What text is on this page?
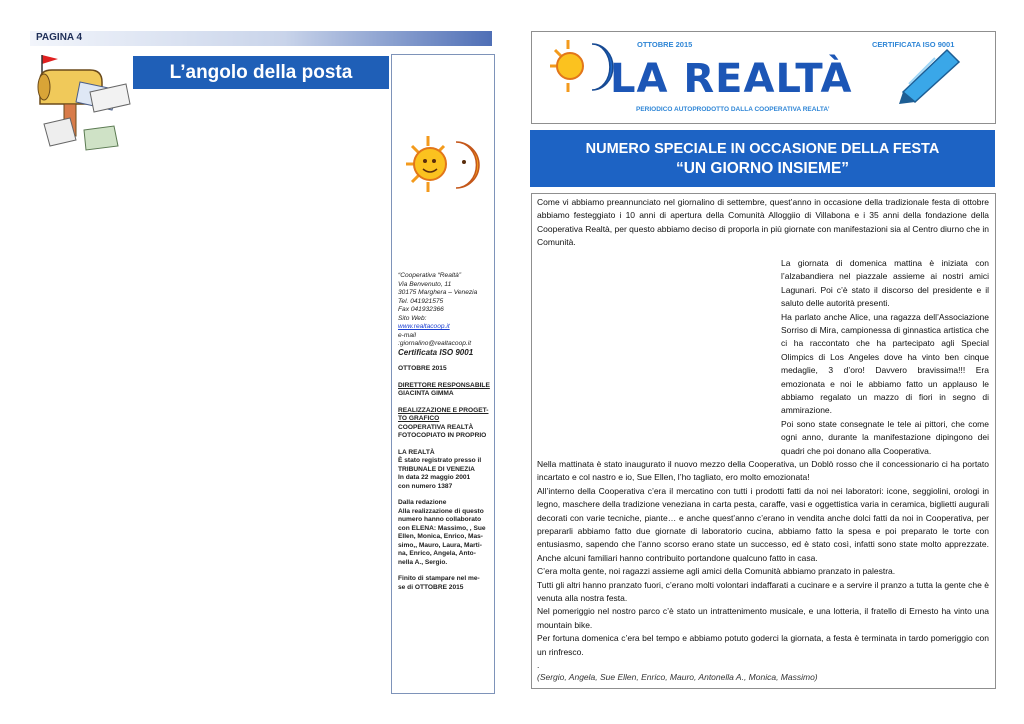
PAGINA 4
L’angolo della posta
“Cooperativa “Realtà”
Via Benvenuto, 11
30175 Marghera – Venezia
Tel. 041921575
Fax 041932366
Sito Web:
www.realtacoop.it
e-mail
:giornalino@realtacoop.it
Certificata ISO 9001
OTTOBRE 2015
DIRETTORE RESPONSABILE
GIACINTA GIMMA
REALIZZAZIONE E PROGET-
TO GRAFICO
COOPERATIVA REALTÀ
FOTOCOPIATO IN PROPRIO
LA REALTÀ
È stato registrato presso il
TRIBUNALE DI VENEZIA
In data 22 maggio 2001
con numero 1387
Dalla redazione
Alla realizzazione di questo
numero hanno collaborato
con ELENA: Massimo, , Sue
Ellen, Monica, Enrico, Mas-
simo,, Mauro, Laura, Marti-
na, Enrico, Angela, Anto-
nella A., Sergio.
Finito di stampare nel me-
se di OTTOBRE 2015
OTTOBRE 2015	CERTIFICATA ISO 9001
LA REALTÀ
PERIODICO AUTOPRODOTTO DALLA COOPERATIVA REALTA’
NUMERO SPECIALE IN OCCASIONE DELLA FESTA
“UN GIORNO INSIEME”

Come vi abbiamo preannunciato nel giornalino di settembre, quest’anno in occasione della tradizionale festa di ottobre abbiamo festeggiato i 10 anni di apertura della Comunità Alloggiio di Villabona e i 35 anni della fondazione della Cooperativa Realtà, per questo abbiamo deciso di proporla in più giornate con manifestazioni sia al Centro diurno che in Comunità.

La giornata di domenica mattina è iniziata con l’alzabandiera nel piazzale assieme ai nostri amici Lagunari. Poi c’è stato il discorso del presidente e il saluto delle autorità presenti.

Ha parlato anche Alice, una ragazza dell’Associazione Sorriso di Mira, campionessa di ginnastica artistica che ci ha raccontato che ha partecipato agli Special Olimpics di Los Angeles dove ha vinto ben cinque medaglie, 3 d’oro! Davvero bravissima!!! Era emozionata e noi le abbiamo fatto un applauso le abbiamo regalato un mazzo di fiori in segno di ammirazione.

Poi sono state consegnate le tele ai pittori, che come ogni anno, durante la manifestazione dipingono dei quadri che poi donano alla Cooperativa.

Nella mattinata è stato inaugurato il nuovo mezzo della Cooperativa, un Doblò rosso che il concessionario ci ha portato incartato e col nastro e io, Sue Ellen, l’ho tagliato, ero molto emozionata!

All’interno della Cooperativa c’era il mercatino con tutti i prodotti fatti da noi nei laboratori: icone, seggiolini, orologi in legno, maschere della tradizione veneziana in carta pesta, caraffe, vasi e oggettistica varia in ceramica, biglietti augurali decorati con varie tecniche, piante… e anche quest’anno c’erano in vendita anche dolci fatti da noi in Cooperativa, per prepararli abbiamo fatto due giornate di laboratorio cucina, abbiamo fatto la spesa e poi preparato le torte con entusiasmo, sapendo che l’anno scorso erano state un successo, ed è stato così, infatti sono state molto apprezzate. Anche alcuni familiari hanno contribuito portandone qualcuno fatto in casa.

C’era molta gente, noi ragazzi assieme agli amici della Comunità abbiamo pranzato in palestra.

Tutti gli altri hanno pranzato fuori, c’erano molti volontari indaffarati a cucinare e a servire il pranzo a tutta la gente che è venuta alla nostra festa.

Nel pomeriggio nel nostro parco c’è stato un intrattenimento musicale, e una lotteria, il fratello di Ernesto ha vinto una mountain bike.

Per fortuna domenica c’era bel tempo e abbiamo potuto goderci la giornata, a festa è terminata in tardo pomeriggio con un rinfresco.

.

(Sergio, Angela, Sue Ellen, Enrico, Mauro, Antonella A., Monica, Massimo)
